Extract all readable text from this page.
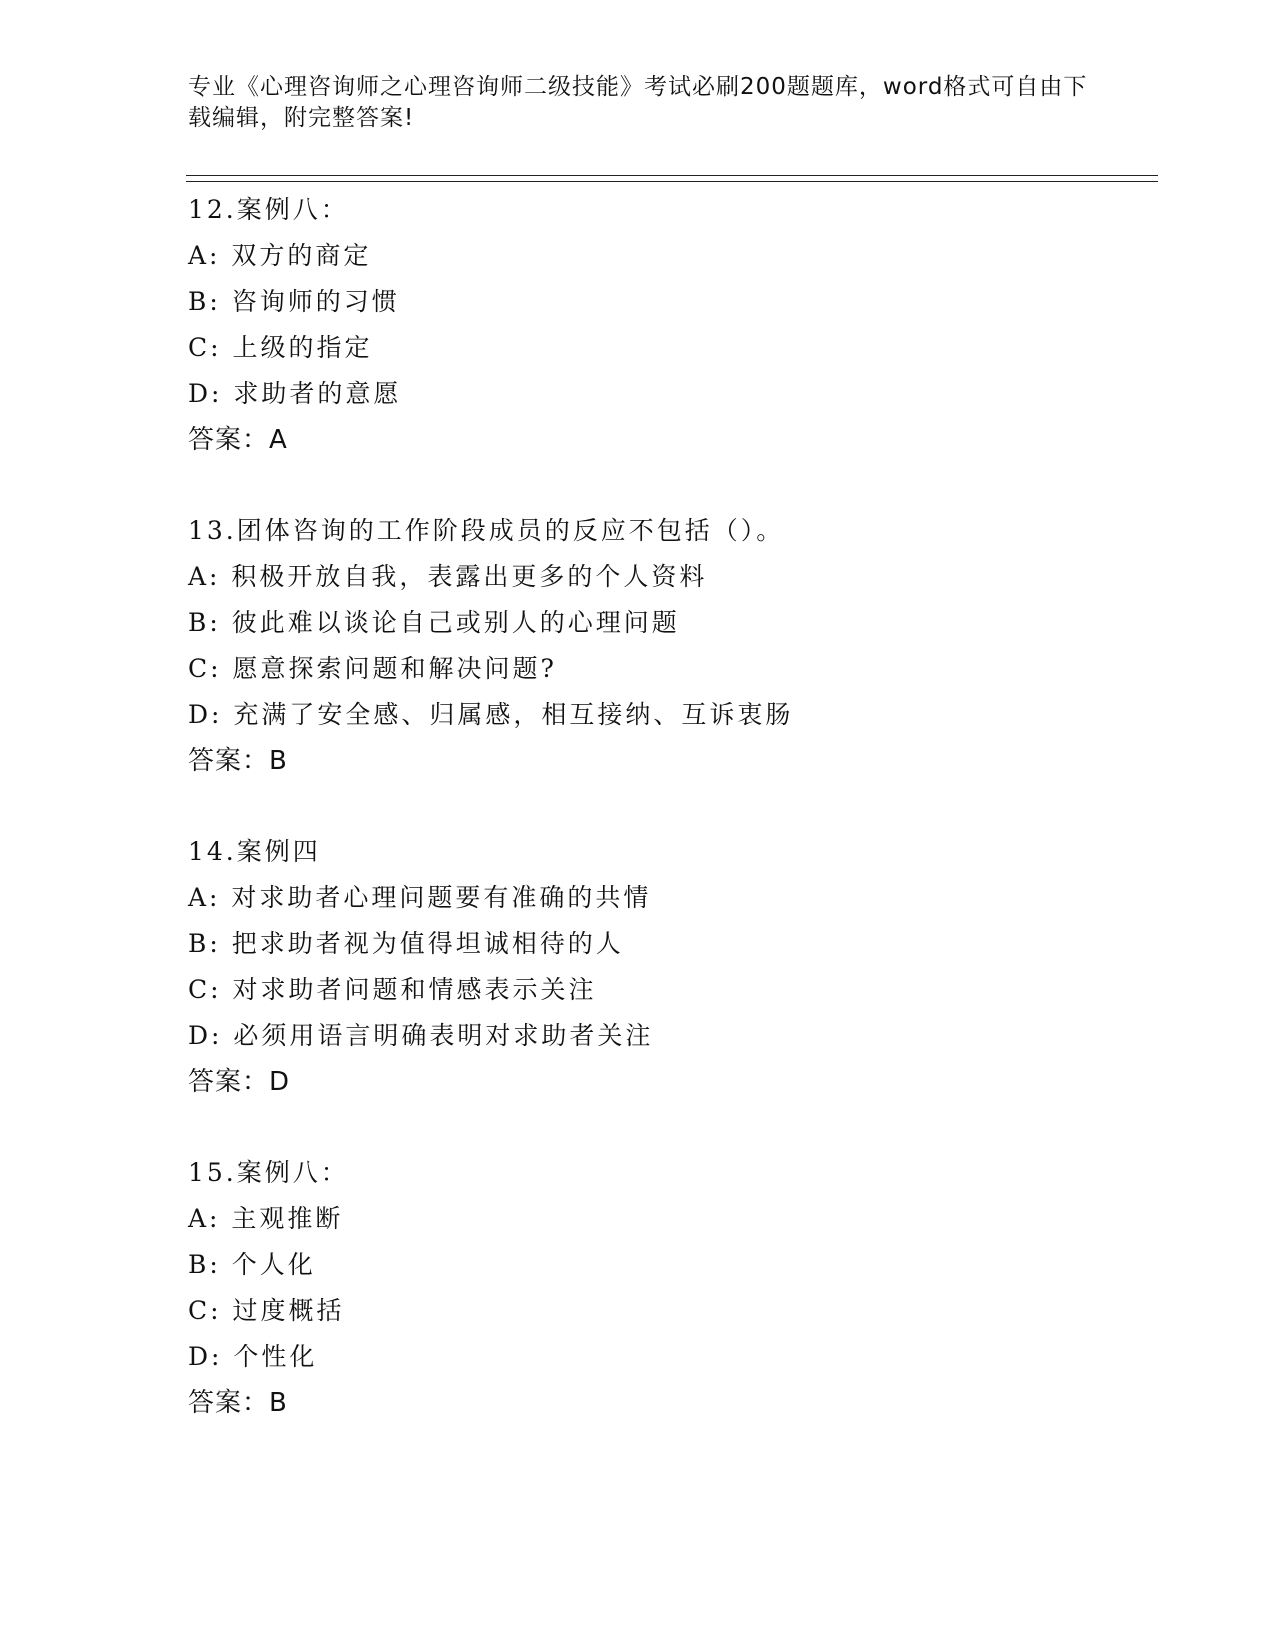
专业《心理咨询师之心理咨询师二级技能》考试必刷200题题库，word格式可自由下载编辑，附完整答案!
12.案例八：
A: 双方的商定
B: 咨询师的习惯
C: 上级的指定
D: 求助者的意愿
答案：A
13.团体咨询的工作阶段成员的反应不包括（）。
A: 积极开放自我，表露出更多的个人资料
B: 彼此难以谈论自己或别人的心理问题
C: 愿意探索问题和解决问题?
D: 充满了安全感、归属感，相互接纳、互诉衷肠
答案：B
14.案例四
A: 对求助者心理问题要有准确的共情
B: 把求助者视为值得坦诚相待的人
C: 对求助者问题和情感表示关注
D: 必须用语言明确表明对求助者关注
答案：D
15.案例八：
A: 主观推断
B: 个人化
C: 过度概括
D: 个性化
答案：B
